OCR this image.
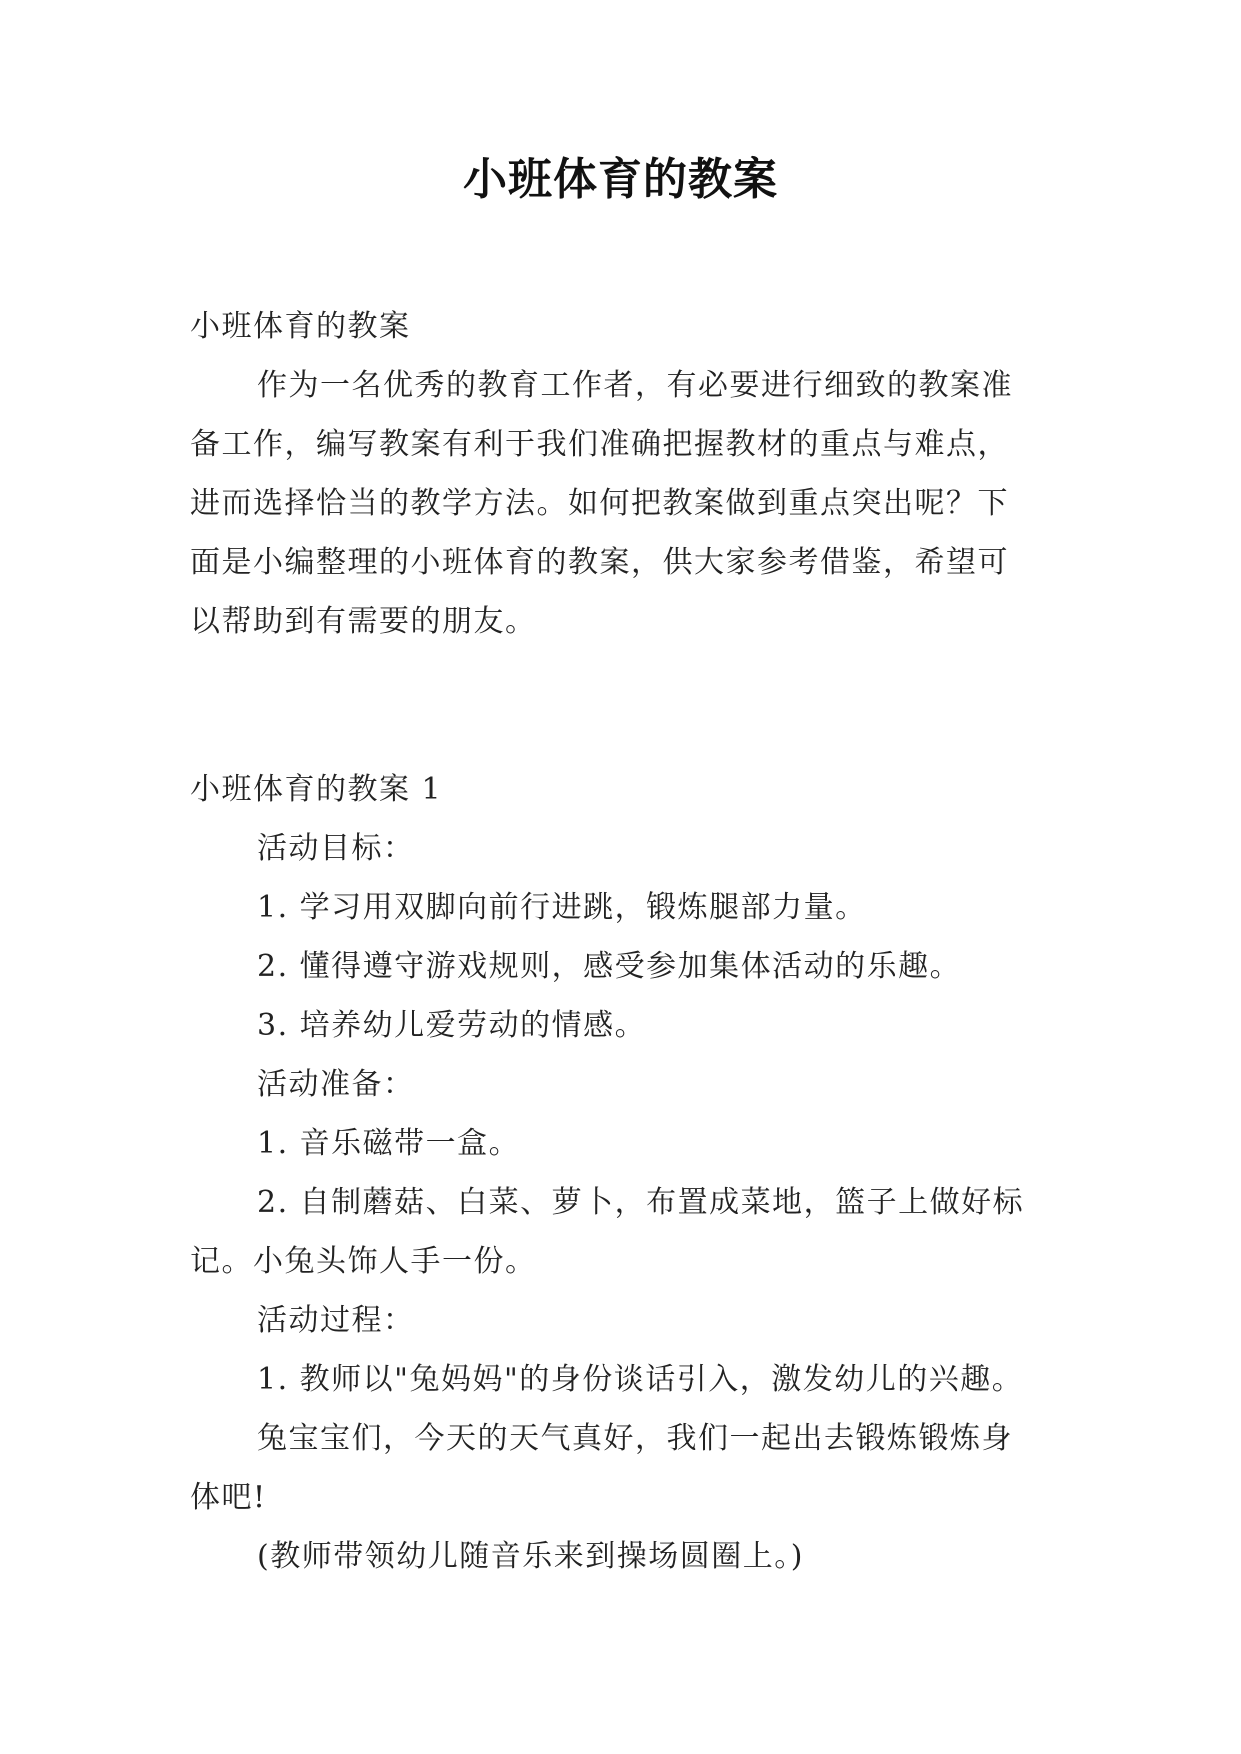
小班体育的教案

小班体育的教案

作为一名优秀的教育工作者，有必要进行细致的教案准

备工作，编写教案有利于我们准确把握教材的重点与难点，

进而选择恰当的教学方法。如何把教案做到重点突出呢？下

面是小编整理的小班体育的教案，供大家参考借鉴，希望可

以帮助到有需要的朋友。

小班体育的教案 1

活动目标：

1. 学习用双脚向前行进跳，锻炼腿部力量。

2. 懂得遵守游戏规则，感受参加集体活动的乐趣。

3. 培养幼儿爱劳动的情感。

活动准备：

1. 音乐磁带一盒。

2. 自制蘑菇、白菜、萝卜，布置成菜地，篮子上做好标

记。小兔头饰人手一份。

活动过程：

1. 教师以"兔妈妈"的身份谈话引入，激发幼儿的兴趣。

兔宝宝们，今天的天气真好，我们一起出去锻炼锻炼身

体吧!

(教师带领幼儿随音乐来到操场圆圈上。)
